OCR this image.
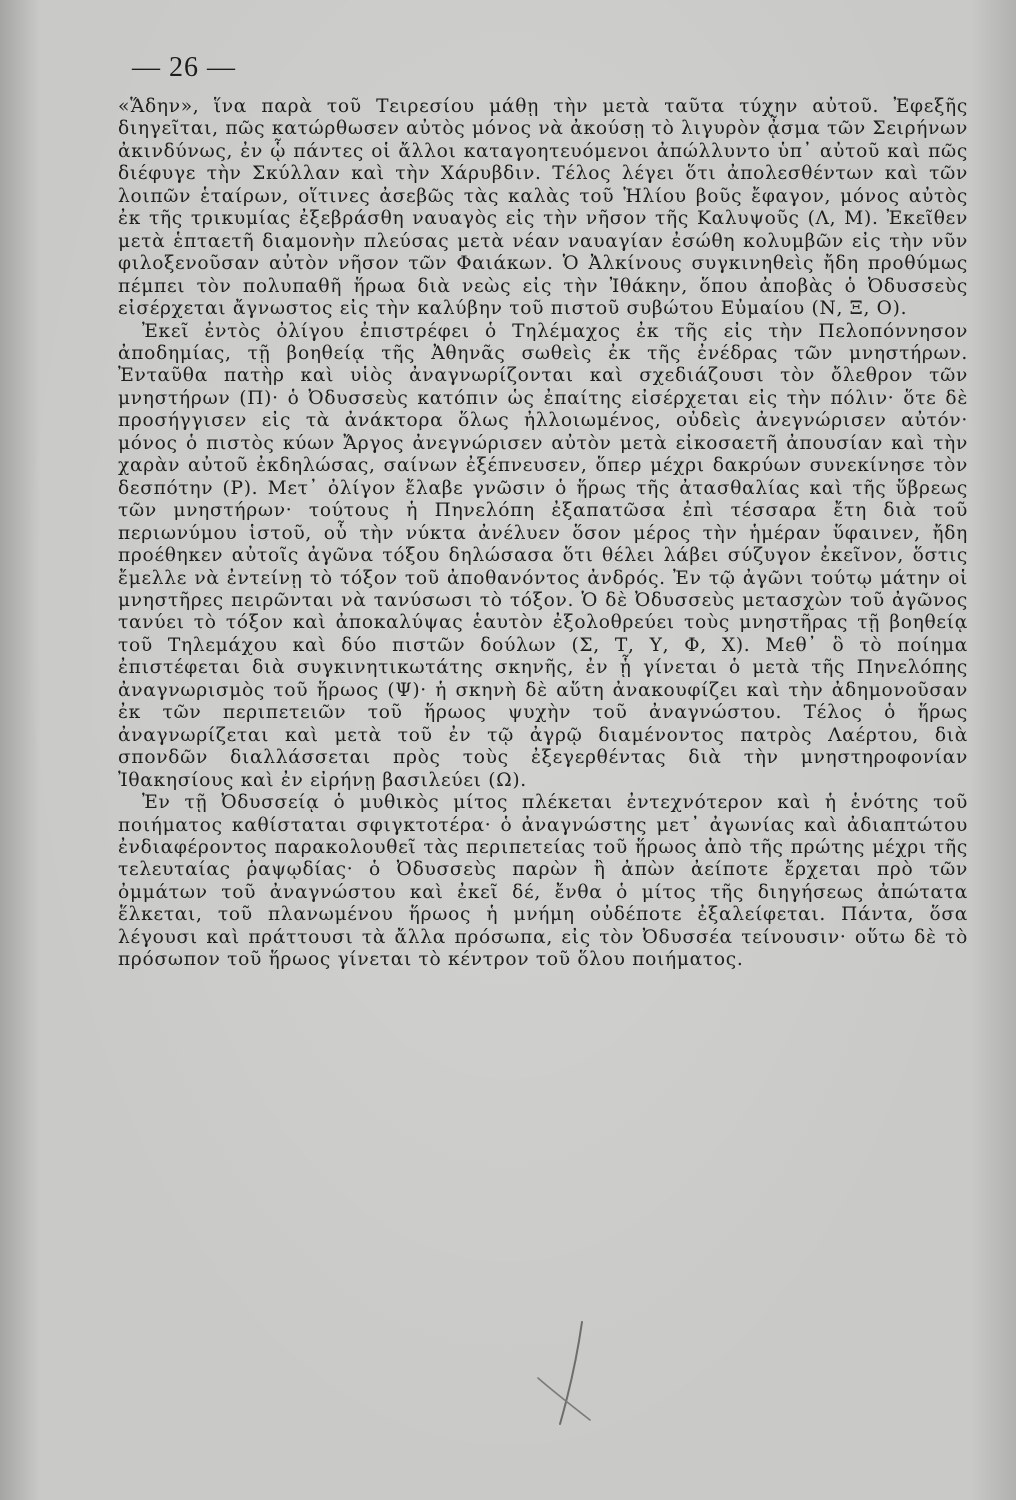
— 26 —

«Ἅδην», ἵνα παρὰ τοῦ Τειρεσίου μάθῃ τὴν μετὰ ταῦτα τύχην αὐτοῦ. Ἐφεξῆς διηγεῖται, πῶς κατώρθωσεν αὐτὸς μόνος νὰ ἀκούσῃ τὸ λιγυρὸν ᾆσμα τῶν Σειρήνων ἀκινδύνως, ἐν ᾧ πάντες οἱ ἄλλοι καταγοητευόμενοι ἀπώλλυντο ὑπ᾽ αὐτοῦ καὶ πῶς διέφυγε τὴν Σκύλλαν καὶ τὴν Χάρυβδιν. Τέλος λέγει ὅτι ἀπολεσθέντων καὶ τῶν λοιπῶν ἑταίρων, οἵτινες ἀσεβῶς τὰς καλὰς τοῦ Ἡλίου βοῦς ἔφαγον, μόνος αὐτὸς ἐκ τῆς τρικυμίας ἐξεβράσθη ναυαγὸς εἰς τὴν νῆσον τῆς Καλυψοῦς (Λ, Μ). Ἐκεῖθεν μετὰ ἑπταετῆ διαμονὴν πλεύσας μετὰ νέαν ναυαγίαν ἐσώθη κολυμβῶν εἰς τὴν νῦν φιλοξενοῦσαν αὐτὸν νῆσον τῶν Φαιάκων. Ὁ Ἀλκίνους συγκινηθεὶς ἤδη προθύμως πέμπει τὸν πολυπαθῆ ἥρωα διὰ νεὼς εἰς τὴν Ἰθάκην, ὅπου ἀποβὰς ὁ Ὀδυσσεὺς εἰσέρχεται ἄγνωστος εἰς τὴν καλύβην τοῦ πιστοῦ συβώτου Εὐμαίου (Ν, Ξ, Ο).

Ἐκεῖ ἐντὸς ὀλίγου ἐπιστρέφει ὁ Τηλέμαχος ἐκ τῆς εἰς τὴν Πελοπόννησον ἀποδημίας, τῇ βοηθείᾳ τῆς Ἀθηνᾶς σωθεὶς ἐκ τῆς ἐνέδρας τῶν μνηστήρων. Ἐνταῦθα πατὴρ καὶ υἱὸς ἀναγνωρίζονται καὶ σχεδιάζουσι τὸν ὄλεθρον τῶν μνηστήρων (Π)· ὁ Ὀδυσσεὺς κατόπιν ὡς ἐπαίτης εἰσέρχεται εἰς τὴν πόλιν· ὅτε δὲ προσήγγισεν εἰς τὰ ἀνάκτορα ὅλως ἠλλοιωμένος, οὐδεὶς ἀνεγνώρισεν αὐτόν· μόνος ὁ πιστὸς κύων Ἄργος ἀνεγνώρισεν αὐτὸν μετὰ εἰκοσαετῆ ἀπουσίαν καὶ τὴν χαρὰν αὐτοῦ ἐκδηλώσας, σαίνων ἐξέπνευσεν, ὅπερ μέχρι δακρύων συνεκίνησε τὸν δεσπότην (Ρ). Μετ᾽ ὀλίγον ἔλαβε γνῶσιν ὁ ἥρως τῆς ἀτασθαλίας καὶ τῆς ὕβρεως τῶν μνηστήρων· τούτους ἡ Πηνελόπη ἐξαπατῶσα ἐπὶ τέσσαρα ἔτη διὰ τοῦ περιωνύμου ἱστοῦ, οὗ τὴν νύκτα ἀνέλυεν ὅσον μέρος τὴν ἡμέραν ὕφαινεν, ἤδη προέθηκεν αὐτοῖς ἀγῶνα τόξου δηλώσασα ὅτι θέλει λάβει σύζυγον ἐκεῖνον, ὅστις ἔμελλε νὰ ἐντείνῃ τὸ τόξον τοῦ ἀποθανόντος ἀνδρός. Ἐν τῷ ἀγῶνι τούτῳ μάτην οἱ μνηστῆρες πειρῶνται νὰ τανύσωσι τὸ τόξον. Ὁ δὲ Ὀδυσσεὺς μετασχὼν τοῦ ἀγῶνος τανύει τὸ τόξον καὶ ἀποκαλύψας ἑαυτὸν ἐξολοθρεύει τοὺς μνηστῆρας τῇ βοηθείᾳ τοῦ Τηλεμάχου καὶ δύο πιστῶν δούλων (Σ, Τ, Υ, Φ, Χ). Μεθ᾽ ὃ τὸ ποίημα ἐπιστέφεται διὰ συγκινητικωτάτης σκηνῆς, ἐν ᾗ γίνεται ὁ μετὰ τῆς Πηνελόπης ἀναγνωρισμὸς τοῦ ἥρωος (Ψ)· ἡ σκηνὴ δὲ αὕτη ἀνακουφίζει καὶ τὴν ἀδημονοῦσαν ἐκ τῶν περιπετειῶν τοῦ ἥρωος ψυχὴν τοῦ ἀναγνώστου. Τέλος ὁ ἥρως ἀναγνωρίζεται καὶ μετὰ τοῦ ἐν τῷ ἀγρῷ διαμένοντος πατρὸς Λαέρτου, διὰ σπονδῶν διαλλάσσεται πρὸς τοὺς ἐξεγερθέντας διὰ τὴν μνηστηροφονίαν Ἰθακησίους καὶ ἐν εἰρήνῃ βασιλεύει (Ω).

Ἐν τῇ Ὀδυσσείᾳ ὁ μυθικὸς μίτος πλέκεται ἐντεχνότερον καὶ ἡ ἑνότης τοῦ ποιήματος καθίσταται σφιγκτοτέρα· ὁ ἀναγνώστης μετ᾽ ἀγωνίας καὶ ἀδιαπτώτου ἐνδιαφέροντος παρακολουθεῖ τὰς περιπετείας τοῦ ἥρωος ἀπὸ τῆς πρώτης μέχρι τῆς τελευταίας ῥαψῳδίας· ὁ Ὀδυσσεὺς παρὼν ἢ ἀπὼν ἀείποτε ἔρχεται πρὸ τῶν ὀμμάτων τοῦ ἀναγνώστου καὶ ἐκεῖ δέ, ἔνθα ὁ μίτος τῆς διηγήσεως ἀπώτατα ἕλκεται, τοῦ πλανωμένου ἥρωος ἡ μνήμη οὐδέποτε ἐξαλείφεται. Πάντα, ὅσα λέγουσι καὶ πράττουσι τὰ ἄλλα πρόσωπα, εἰς τὸν Ὀδυσσέα τείνουσιν· οὕτω δὲ τὸ πρόσωπον τοῦ ἥρωος γίνεται τὸ κέντρον τοῦ ὅλου ποιήματος.
